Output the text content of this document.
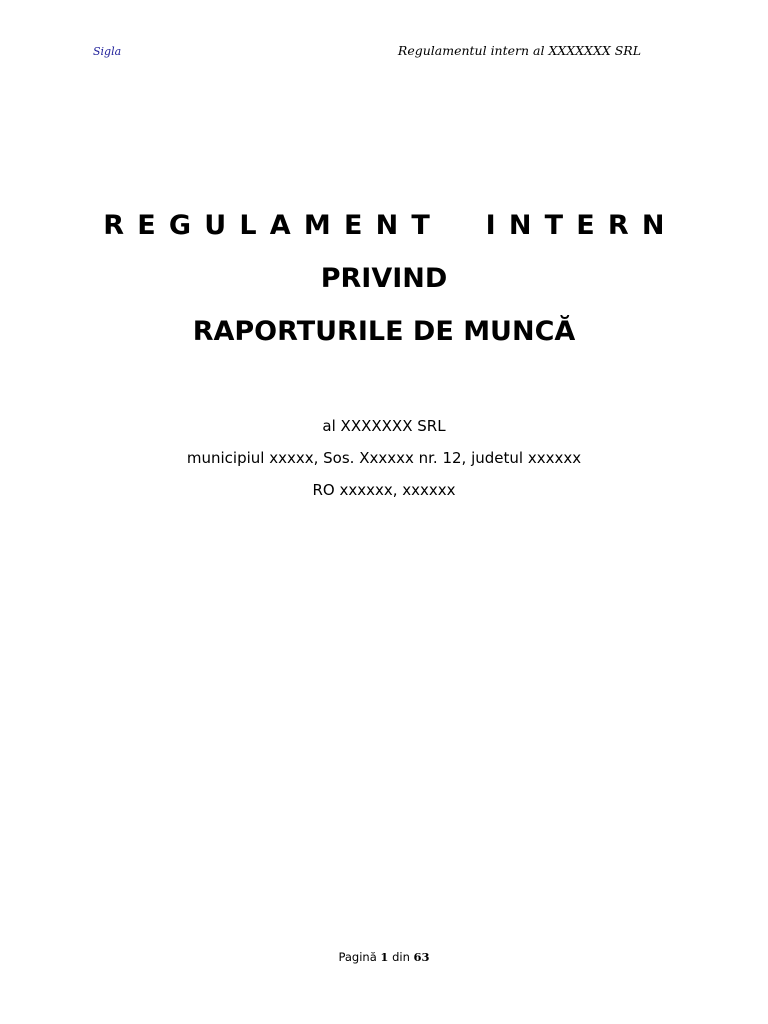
Sigla	Regulamentul intern al XXXXXXX SRL
REGULAMENT INTERN
PRIVIND
RAPORTURILE DE MUNCĂ
al XXXXXXX SRL
municipiul xxxxx, Sos. Xxxxxx nr. 12, judetul xxxxxx
RO xxxxxx, xxxxxx
Pagină 1 din 63
